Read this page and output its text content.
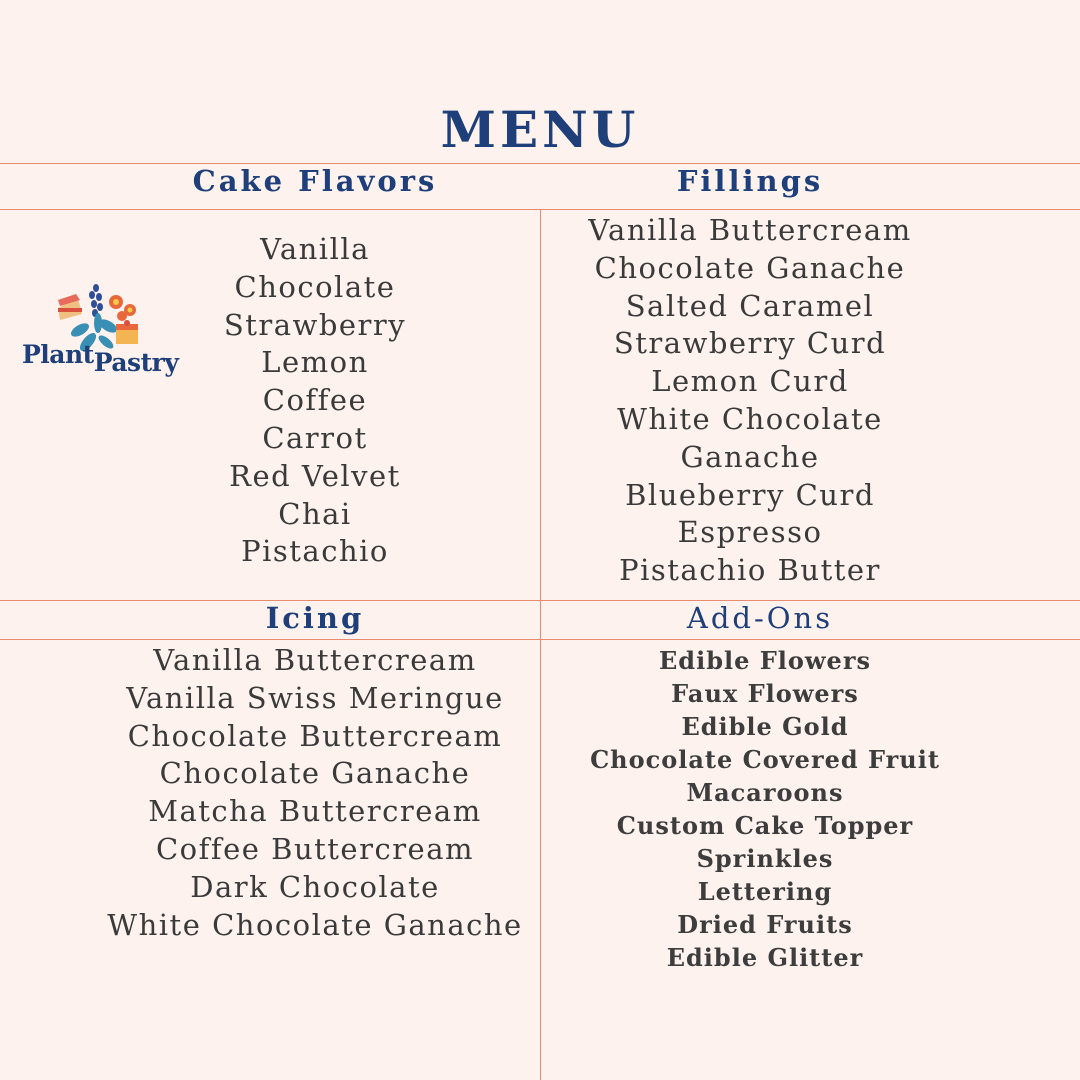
MENU
Cake Flavors	Fillings
Icing	Add-Ons
PlantPastry
Vanilla
Chocolate
Strawberry
Lemon
Coffee
Carrot
Red Velvet
Chai
Pistachio
Vanilla Buttercream
Chocolate Ganache
Salted Caramel
Strawberry Curd
Lemon Curd
White Chocolate
Ganache
Blueberry Curd
Espresso
Pistachio Butter
Vanilla Buttercream
Vanilla Swiss Meringue
Chocolate Buttercream
Chocolate Ganache
Matcha Buttercream
Coffee Buttercream
Dark Chocolate
White Chocolate Ganache
Edible Flowers
Faux Flowers
Edible Gold
Chocolate Covered Fruit
Macaroons
Custom Cake Topper
Sprinkles
Lettering
Dried Fruits
Edible Glitter
